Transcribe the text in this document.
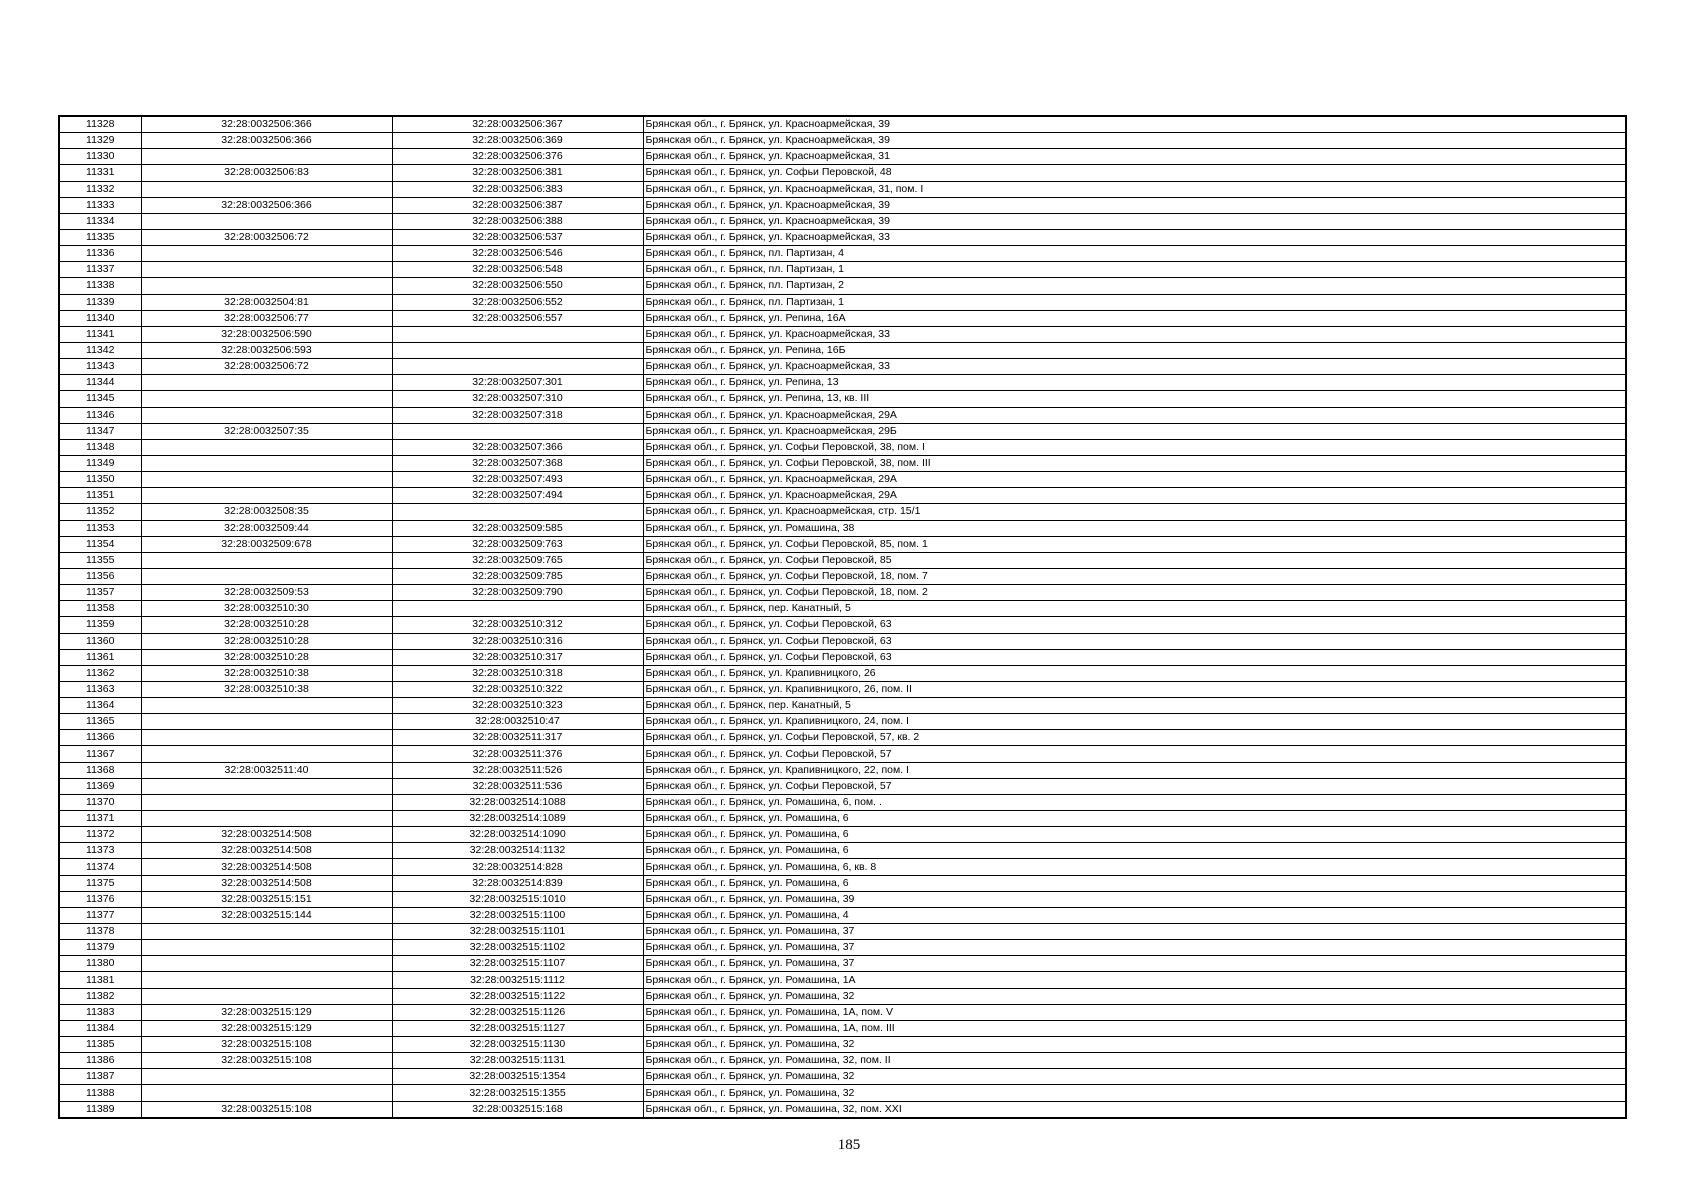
11328	32:28:0032506:366	32:28:0032506:367	Брянская обл., г. Брянск, ул. Красноармейская, 39
11329	32:28:0032506:366	32:28:0032506:369	Брянская обл., г. Брянск, ул. Красноармейская, 39
11330		32:28:0032506:376	Брянская обл., г. Брянск, ул. Красноармейская, 31
11331	32:28:0032506:83	32:28:0032506:381	Брянская обл., г. Брянск, ул. Софьи Перовской, 48
11332		32:28:0032506:383	Брянская обл., г. Брянск, ул. Красноармейская, 31, пом. I
11333	32:28:0032506:366	32:28:0032506:387	Брянская обл., г. Брянск, ул. Красноармейская, 39
11334		32:28:0032506:388	Брянская обл., г. Брянск, ул. Красноармейская, 39
11335	32:28:0032506:72	32:28:0032506:537	Брянская обл., г. Брянск, ул. Красноармейская, 33
11336		32:28:0032506:546	Брянская обл., г. Брянск, пл. Партизан, 4
11337		32:28:0032506:548	Брянская обл., г. Брянск, пл. Партизан, 1
11338		32:28:0032506:550	Брянская обл., г. Брянск, пл. Партизан, 2
11339	32:28:0032504:81	32:28:0032506:552	Брянская обл., г. Брянск, пл. Партизан, 1
11340	32:28:0032506:77	32:28:0032506:557	Брянская обл., г. Брянск, ул. Репина, 16А
11341	32:28:0032506:590		Брянская обл., г. Брянск, ул. Красноармейская, 33
11342	32:28:0032506:593		Брянская обл., г. Брянск, ул. Репина, 16Б
11343	32:28:0032506:72		Брянская обл., г. Брянск, ул. Красноармейская, 33
11344		32:28:0032507:301	Брянская обл., г. Брянск, ул. Репина, 13
11345		32:28:0032507:310	Брянская обл., г. Брянск, ул. Репина, 13, кв. III
11346		32:28:0032507:318	Брянская обл., г. Брянск, ул. Красноармейская, 29А
11347	32:28:0032507:35		Брянская обл., г. Брянск, ул. Красноармейская, 29Б
11348		32:28:0032507:366	Брянская обл., г. Брянск, ул. Софьи Перовской, 38, пом. I
11349		32:28:0032507:368	Брянская обл., г. Брянск, ул. Софьи Перовской, 38, пом. III
11350		32:28:0032507:493	Брянская обл., г. Брянск, ул. Красноармейская, 29А
11351		32:28:0032507:494	Брянская обл., г. Брянск, ул. Красноармейская, 29А
11352	32:28:0032508:35		Брянская обл., г. Брянск, ул. Красноармейская, стр. 15/1
11353	32:28:0032509:44	32:28:0032509:585	Брянская обл., г. Брянск, ул. Ромашина, 38
11354	32:28:0032509:678	32:28:0032509:763	Брянская обл., г. Брянск, ул. Софьи Перовской, 85, пом. 1
11355		32:28:0032509:765	Брянская обл., г. Брянск, ул. Софьи Перовской, 85
11356		32:28:0032509:785	Брянская обл., г. Брянск, ул. Софьи Перовской, 18, пом. 7
11357	32:28:0032509:53	32:28:0032509:790	Брянская обл., г. Брянск, ул. Софьи Перовской, 18, пом. 2
11358	32:28:0032510:30		Брянская обл., г. Брянск, пер. Канатный, 5
11359	32:28:0032510:28	32:28:0032510:312	Брянская обл., г. Брянск, ул. Софьи Перовской, 63
11360	32:28:0032510:28	32:28:0032510:316	Брянская обл., г. Брянск, ул. Софьи Перовской, 63
11361	32:28:0032510:28	32:28:0032510:317	Брянская обл., г. Брянск, ул. Софьи Перовской, 63
11362	32:28:0032510:38	32:28:0032510:318	Брянская обл., г. Брянск, ул. Крапивницкого, 26
11363	32:28:0032510:38	32:28:0032510:322	Брянская обл., г. Брянск, ул. Крапивницкого, 26, пом. II
11364		32:28:0032510:323	Брянская обл., г. Брянск, пер. Канатный, 5
11365		32:28:0032510:47	Брянская обл., г. Брянск, ул. Крапивницкого, 24, пом. I
11366		32:28:0032511:317	Брянская обл., г. Брянск, ул. Софьи Перовской, 57, кв. 2
11367		32:28:0032511:376	Брянская обл., г. Брянск, ул. Софьи Перовской, 57
11368	32:28:0032511:40	32:28:0032511:526	Брянская обл., г. Брянск, ул. Крапивницкого, 22, пом. I
11369		32:28:0032511:536	Брянская обл., г. Брянск, ул. Софьи Перовской, 57
11370		32:28:0032514:1088	Брянская обл., г. Брянск, ул. Ромашина, 6, пом. .
11371		32:28:0032514:1089	Брянская обл., г. Брянск, ул. Ромашина, 6
11372	32:28:0032514:508	32:28:0032514:1090	Брянская обл., г. Брянск, ул. Ромашина, 6
11373	32:28:0032514:508	32:28:0032514:1132	Брянская обл., г. Брянск, ул. Ромашина, 6
11374	32:28:0032514:508	32:28:0032514:828	Брянская обл., г. Брянск, ул. Ромашина, 6, кв. 8
11375	32:28:0032514:508	32:28:0032514:839	Брянская обл., г. Брянск, ул. Ромашина, 6
11376	32:28:0032515:151	32:28:0032515:1010	Брянская обл., г. Брянск, ул. Ромашина, 39
11377	32:28:0032515:144	32:28:0032515:1100	Брянская обл., г. Брянск, ул. Ромашина, 4
11378		32:28:0032515:1101	Брянская обл., г. Брянск, ул. Ромашина, 37
11379		32:28:0032515:1102	Брянская обл., г. Брянск, ул. Ромашина, 37
11380		32:28:0032515:1107	Брянская обл., г. Брянск, ул. Ромашина, 37
11381		32:28:0032515:1112	Брянская обл., г. Брянск, ул. Ромашина, 1А
11382		32:28:0032515:1122	Брянская обл., г. Брянск, ул. Ромашина, 32
11383	32:28:0032515:129	32:28:0032515:1126	Брянская обл., г. Брянск, ул. Ромашина, 1А, пом. V
11384	32:28:0032515:129	32:28:0032515:1127	Брянская обл., г. Брянск, ул. Ромашина, 1А, пом. III
11385	32:28:0032515:108	32:28:0032515:1130	Брянская обл., г. Брянск, ул. Ромашина, 32
11386	32:28:0032515:108	32:28:0032515:1131	Брянская обл., г. Брянск, ул. Ромашина, 32, пом. II
11387		32:28:0032515:1354	Брянская обл., г. Брянск, ул. Ромашина, 32
11388		32:28:0032515:1355	Брянская обл., г. Брянск, ул. Ромашина, 32
11389	32:28:0032515:108	32:28:0032515:168	Брянская обл., г. Брянск, ул. Ромашина, 32, пом. XXI
185
